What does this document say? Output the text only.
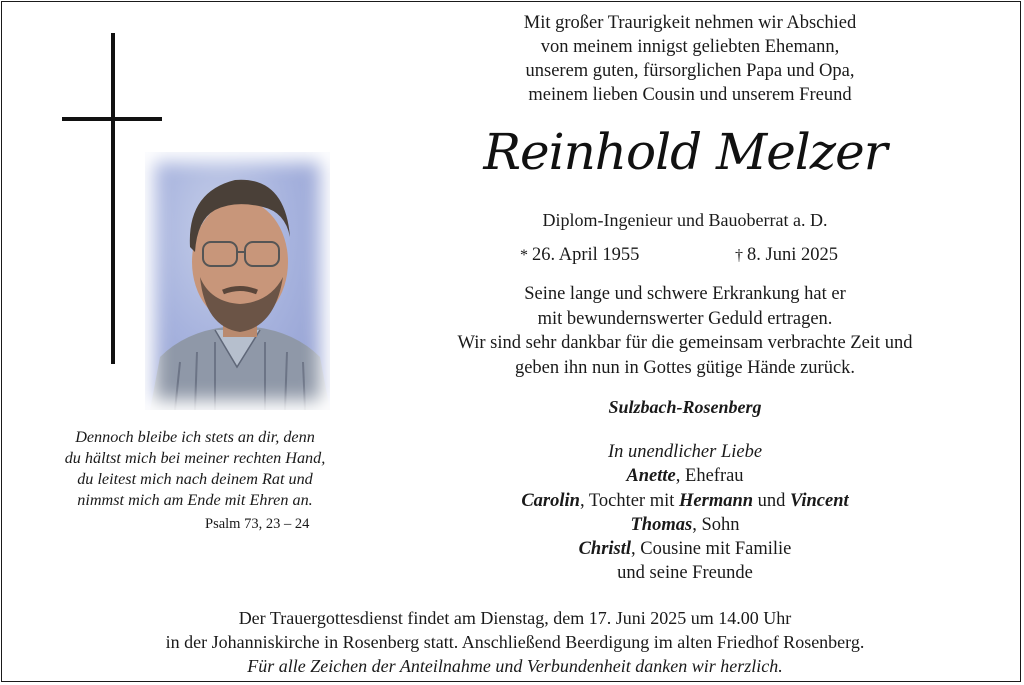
Mit großer Traurigkeit nehmen wir Abschied
von meinem innigst geliebten Ehemann,
unserem guten, fürsorglichen Papa und Opa,
meinem lieben Cousin und unserem Freund
Reinhold Melzer
Diplom-Ingenieur und Bauoberrat a. D.
* 26. April 1955	† 8. Juni 2025
Seine lange und schwere Erkrankung hat er
mit bewundernswerter Geduld ertragen.
Wir sind sehr dankbar für die gemeinsam verbrachte Zeit und
geben ihn nun in Gottes gütige Hände zurück.
Sulzbach-Rosenberg
In unendlicher Liebe
Anette, Ehefrau
Carolin, Tochter mit Hermann und Vincent
Thomas, Sohn
Christl, Cousine mit Familie
und seine Freunde
Dennoch bleibe ich stets an dir, denn
du hältst mich bei meiner rechten Hand,
du leitest mich nach deinem Rat und
nimmst mich am Ende mit Ehren an.
Psalm 73, 23 – 24
Der Trauergottesdienst findet am Dienstag, dem 17. Juni 2025 um 14.00 Uhr
in der Johanniskirche in Rosenberg statt. Anschließend Beerdigung im alten Friedhof Rosenberg.
Für alle Zeichen der Anteilnahme und Verbundenheit danken wir herzlich.
